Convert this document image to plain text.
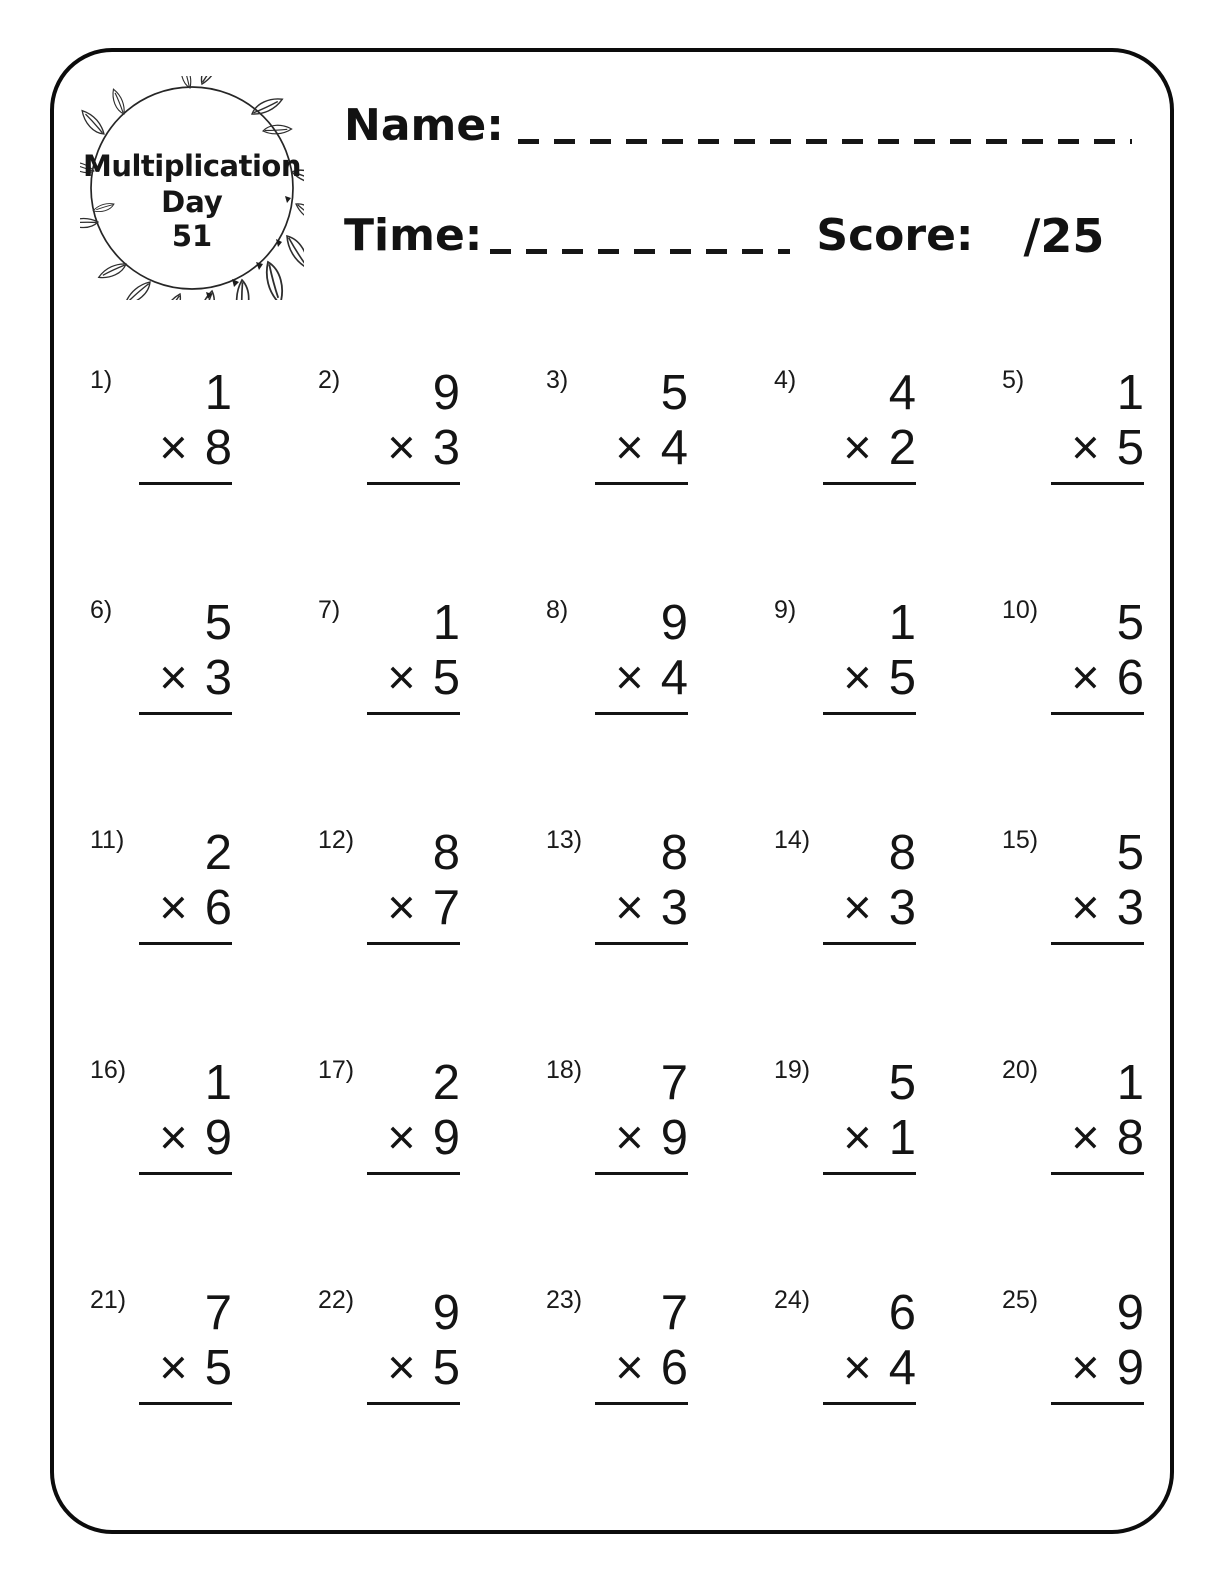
Multiplication
Day
51
Name:
Time:	Score: /25
1) 1
× 8
2) 9
× 3
3) 5
× 4
4) 4
× 2
5) 1
× 5
6) 5
× 3
7) 1
× 5
8) 9
× 4
9) 1
× 5
10) 5
× 6
11) 2
× 6
12) 8
× 7
13) 8
× 3
14) 8
× 3
15) 5
× 3
16) 1
× 9
17) 2
× 9
18) 7
× 9
19) 5
× 1
20) 1
× 8
21) 7
× 5
22) 9
× 5
23) 7
× 6
24) 6
× 4
25) 9
× 9
